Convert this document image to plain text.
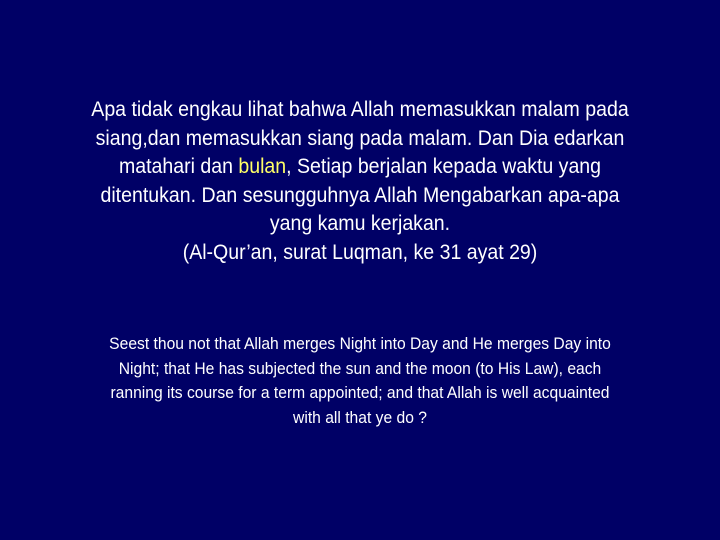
Apa tidak engkau lihat bahwa Allah memasukkan malam pada
siang,dan memasukkan siang pada malam. Dan Dia edarkan
matahari dan bulan, Setiap berjalan kepada waktu yang
ditentukan. Dan sesungguhnya Allah Mengabarkan apa-apa
yang kamu kerjakan.

(Al-Qur’an, surat Luqman, ke 31 ayat 29)

Seest thou not that Allah merges Night into Day and He merges Day into
Night; that He has subjected the sun and the moon (to His Law), each
ranning its course for a term appointed; and that Allah is well acquainted
with all that ye do ?
